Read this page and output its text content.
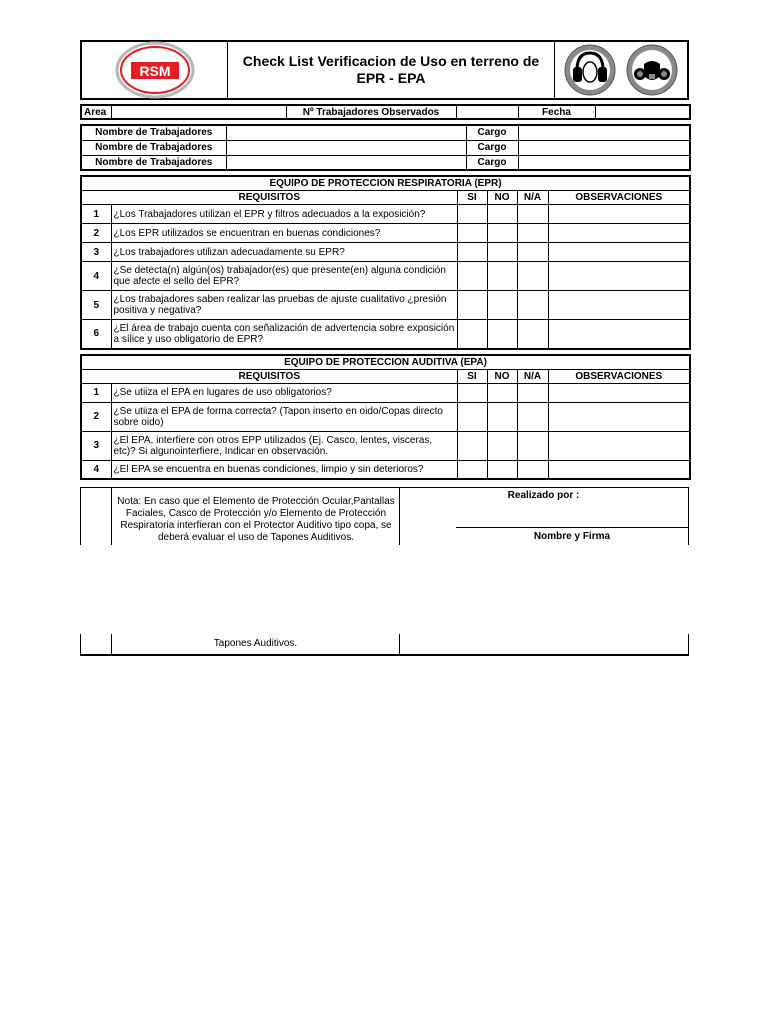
RSM
Check List Verificacion de Uso en terreno de EPR - EPA
Area		Nº Trabajadores Observados		Fecha	
Nombre de Trabajadores		Cargo	
Nombre de Trabajadores		Cargo	
Nombre de Trabajadores		Cargo	
EQUIPO DE PROTECCION RESPIRATORIA (EPR)					
REQUISITOS		SI	NO	N/A	OBSERVACIONES
1	¿Los Trabajadores utilizan el EPR y filtros adecuados a la exposición?				
2	¿Los EPR utilizados se encuentran en buenas condiciones?				
3	¿Los trabajadores utilizan adecuadamente su EPR?				
4	¿Se detecta(n) algún(os) trabajador(es) que presente(en) alguna condición que afecte el sello del EPR?				
5	¿Los trabajadores saben realizar las pruebas de ajuste cualitativo ¿presión positiva y negativa?				
6	¿El área de trabajo cuenta con señalización de advertencia sobre exposición a sílice y uso obligatorio de EPR?				
EQUIPO DE PROTECCION AUDITIVA (EPA)					
REQUISITOS		SI	NO	N/A	OBSERVACIONES
1	¿Se utiiza el EPA en lugares de uso obligatorios?				
2	¿Se utiiza el EPA de forma correcta? (Tapon inserto en oido/Copas directo sobre oido)				
3	¿El EPA, interfiere con otros EPP utilizados (Ej. Casco, lentes, visceras, etc)? Si algunointerfiere, Indicar en observación.				
4	¿El EPA se encuentra en buenas condiciones, limpio y sin deterioros?				
Nota: En caso que el Elemento de Protección Ocular,Pantallas Faciales, Casco de Protección y/o Elemento de Protección Respiratoria interfieran con el Protector Auditivo tipo copa, se deberá evaluar el uso de Tapones Auditivos.
Realizado por :
Nombre y Firma
Tapones Auditivos.
